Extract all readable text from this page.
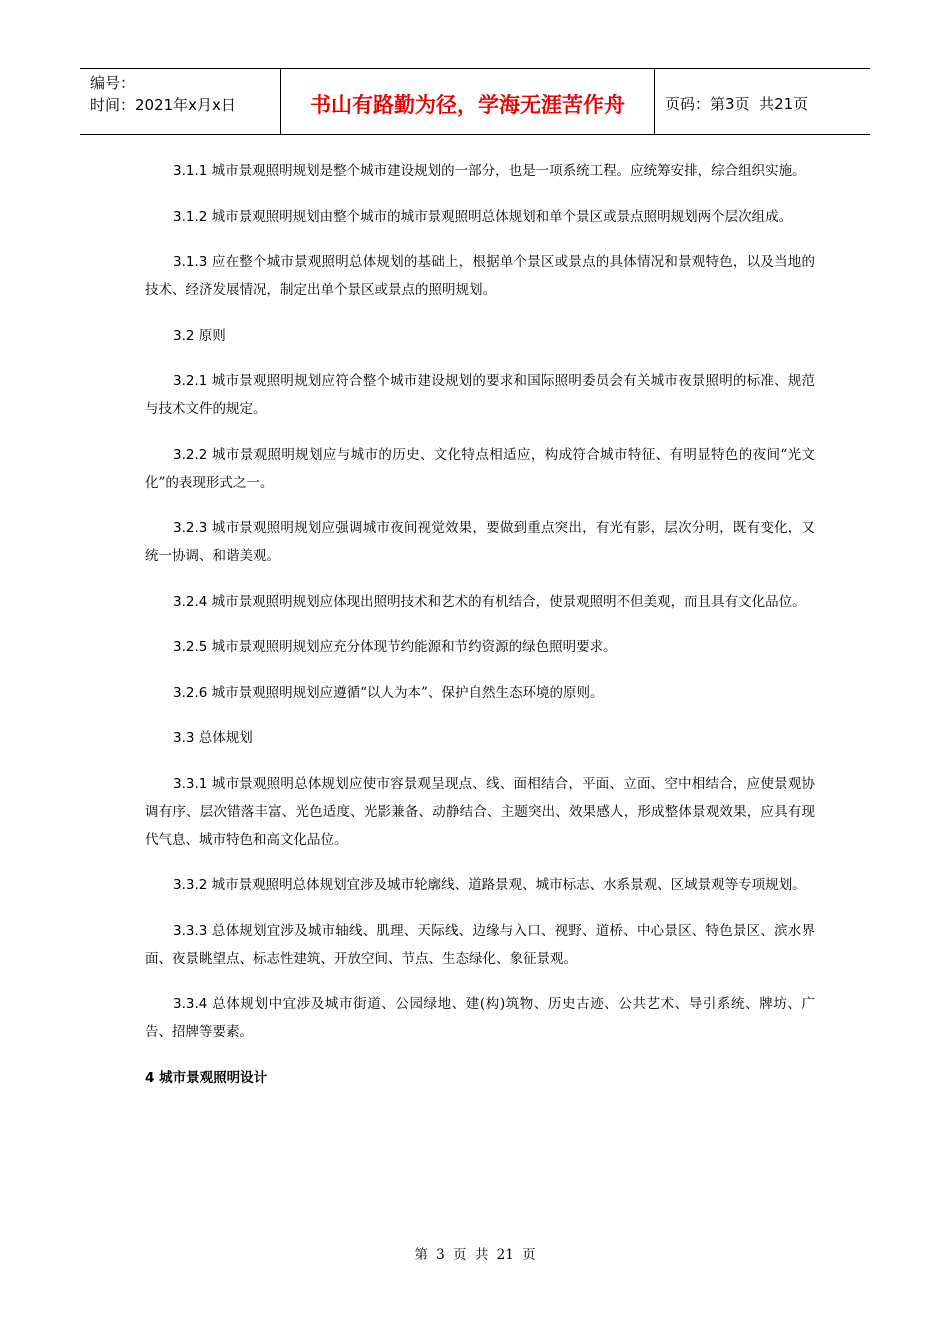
编号：
时间：2021年x月x日	书山有路勤为径，学海无涯苦作舟	页码：第3页  共21页

3.1.1 城市景观照明规划是整个城市建设规划的一部分，也是一项系统工程。应统筹安排，综合组织实施。

3.1.2 城市景观照明规划由整个城市的城市景观照明总体规划和单个景区或景点照明规划两个层次组成。

3.1.3 应在整个城市景观照明总体规划的基础上，根据单个景区或景点的具体情况和景观特色，以及当地的技术、经济发展情况，制定出单个景区或景点的照明规划。

3.2 原则

3.2.1 城市景观照明规划应符合整个城市建设规划的要求和国际照明委员会有关城市夜景照明的标准、规范与技术文件的规定。

3.2.2 城市景观照明规划应与城市的历史、文化特点相适应，构成符合城市特征、有明显特色的夜间“光文化”的表现形式之一。

3.2.3 城市景观照明规划应强调城市夜间视觉效果，要做到重点突出，有光有影，层次分明，既有变化，又统一协调、和谐美观。

3.2.4 城市景观照明规划应体现出照明技术和艺术的有机结合，使景观照明不但美观，而且具有文化品位。

3.2.5 城市景观照明规划应充分体现节约能源和节约资源的绿色照明要求。

3.2.6 城市景观照明规划应遵循“以人为本”、保护自然生态环境的原则。

3.3 总体规划

3.3.1 城市景观照明总体规划应使市容景观呈现点、线、面相结合，平面、立面、空中相结合，应使景观协调有序、层次错落丰富、光色适度、光影兼备、动静结合、主题突出、效果感人，形成整体景观效果，应具有现代气息、城市特色和高文化品位。

3.3.2 城市景观照明总体规划宜涉及城市轮廓线、道路景观、城市标志、水系景观、区域景观等专项规划。

3.3.3 总体规划宜涉及城市轴线、肌理、天际线、边缘与入口、视野、道桥、中心景区、特色景区、滨水界面、夜景眺望点、标志性建筑、开放空间、节点、生态绿化、象征景观。

3.3.4 总体规划中宜涉及城市街道、公园绿地、建(构)筑物、历史古迹、公共艺术、导引系统、牌坊、广告、招牌等要素。

4 城市景观照明设计

第 3 页 共 21 页
